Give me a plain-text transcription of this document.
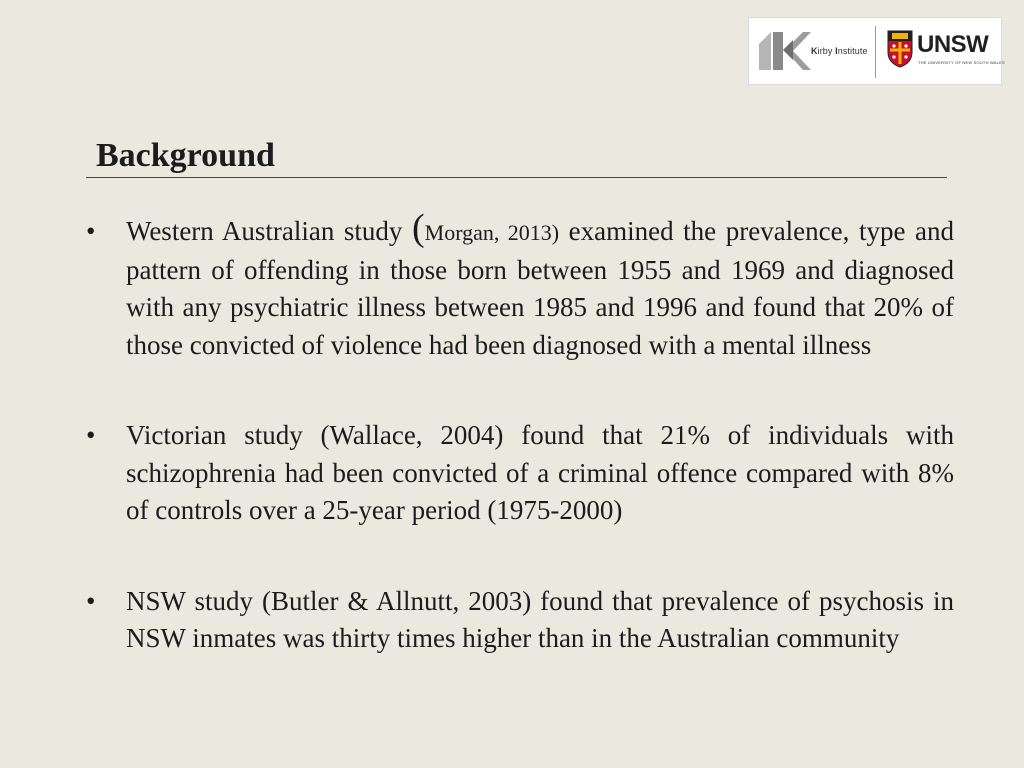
Kirby Institute UNSW
THE UNIVERSITY OF NEW SOUTH WALES
Background
•	Western Australian study (Morgan, 2013) examined the prevalence, type and pattern of offending in those born between 1955 and 1969 and diagnosed with any psychiatric illness between 1985 and 1996 and found that 20% of those convicted of violence had been diagnosed with a mental illness
•	Victorian study (Wallace, 2004) found that 21% of individuals with schizophrenia had been convicted of a criminal offence compared with 8% of controls over a 25-year period (1975-2000)
•	NSW study (Butler & Allnutt, 2003) found that prevalence of psychosis in NSW inmates was thirty times higher than in the Australian community
